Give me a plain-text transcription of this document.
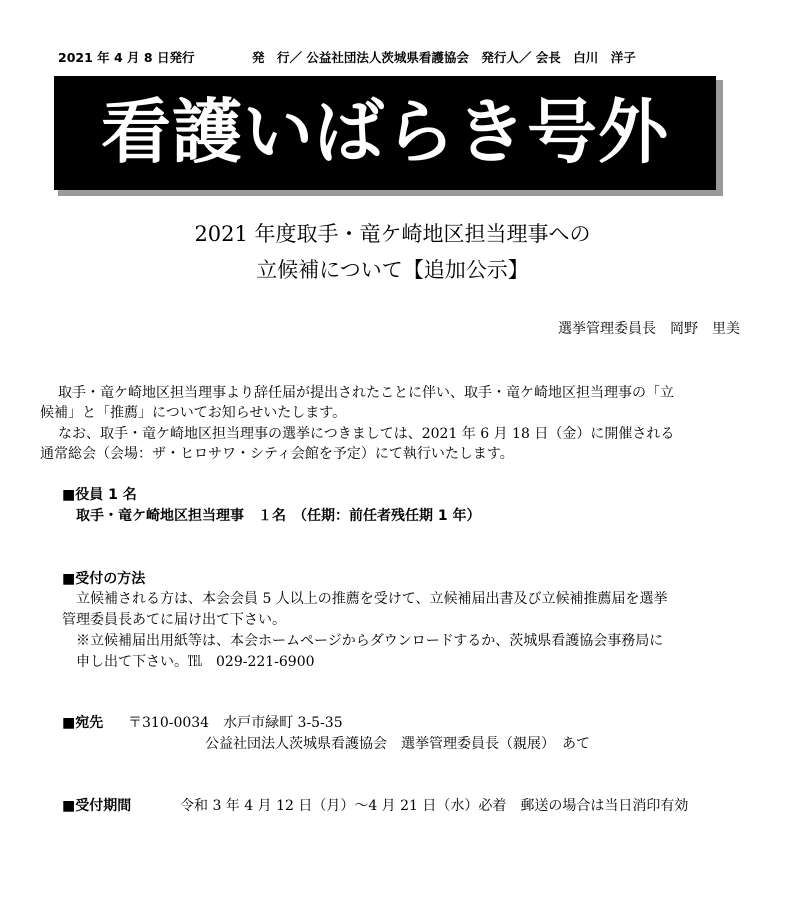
2021 年 4 月 8 日発行	発　行／ 公益社団法人茨城県看護協会　発行人／ 会長　白川　洋子
看護いばらき号外
2021 年度取手・竜ケ崎地区担当理事への
立候補について【追加公示】
選挙管理委員長　岡野　里美
取手・竜ケ崎地区担当理事より辞任届が提出されたことに伴い、取手・竜ケ崎地区担当理事の「立
候補」と「推薦」についてお知らせいたします。
なお、取手・竜ケ崎地区担当理事の選挙につきましては、2021 年 6 月 18 日（金）に開催される
通常総会（会場：ザ・ヒロサワ・シティ会館を予定）にて執行いたします。
■役員 1 名
取手・竜ケ崎地区担当理事　１名　（任期：前任者残任期 1 年）
■受付の方法
立候補される方は、本会会員 5 人以上の推薦を受けて、立候補届出書及び立候補推薦届を選挙
管理委員長あてに届け出て下さい。
※立候補届出用紙等は、本会ホームページからダウンロードするか、茨城県看護協会事務局に
申し出て下さい。℡　029-221-6900
■宛先 〒310-0034　水戸市緑町 3-5-35
公益社団法人茨城県看護協会　選挙管理委員長（親展）　あて
■受付期間	令和 3 年 4 月 12 日（月）～4 月 21 日（水）必着　郵送の場合は当日消印有効
